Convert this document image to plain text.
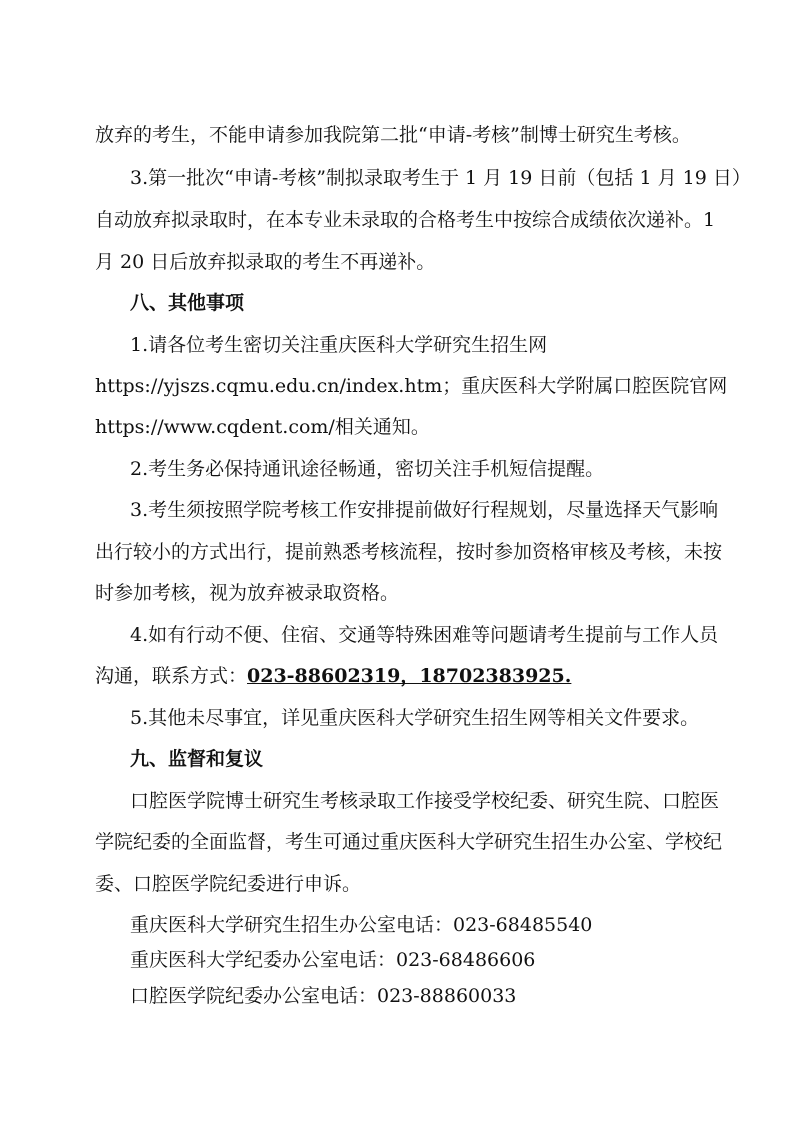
放弃的考生，不能申请参加我院第二批“申请-考核”制博士研究生考核。
3.第一批次“申请-考核”制拟录取考生于 1 月 19 日前（包括 1 月 19 日）
自动放弃拟录取时，在本专业未录取的合格考生中按综合成绩依次递补。1
月 20 日后放弃拟录取的考生不再递补。
八、其他事项
1.请各位考生密切关注重庆医科大学研究生招生网
https://yjszs.cqmu.edu.cn/index.htm；重庆医科大学附属口腔医院官网
https://www.cqdent.com/相关通知。
2.考生务必保持通讯途径畅通，密切关注手机短信提醒。
3.考生须按照学院考核工作安排提前做好行程规划，尽量选择天气影响
出行较小的方式出行，提前熟悉考核流程，按时参加资格审核及考核，未按
时参加考核，视为放弃被录取资格。
4.如有行动不便、住宿、交通等特殊困难等问题请考生提前与工作人员
沟通，联系方式：023-88602319，18702383925.
5.其他未尽事宜，详见重庆医科大学研究生招生网等相关文件要求。
九、监督和复议
口腔医学院博士研究生考核录取工作接受学校纪委、研究生院、口腔医
学院纪委的全面监督，考生可通过重庆医科大学研究生招生办公室、学校纪
委、口腔医学院纪委进行申诉。
重庆医科大学研究生招生办公室电话：023-68485540
重庆医科大学纪委办公室电话：023-68486606
口腔医学院纪委办公室电话：023-88860033
